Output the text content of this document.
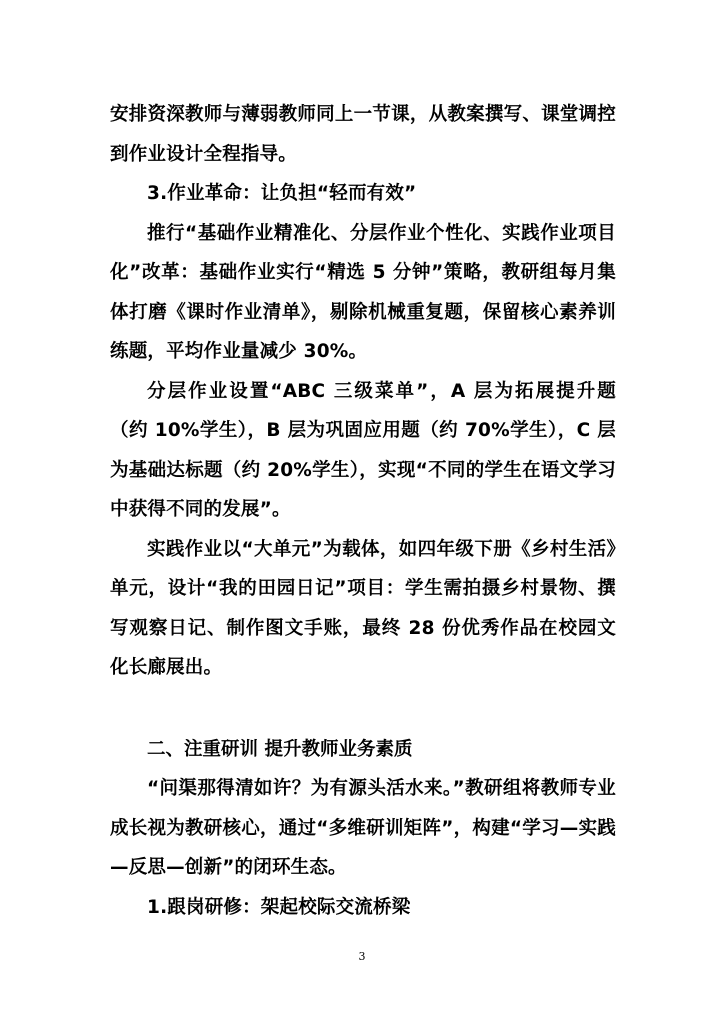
安排资深教师与薄弱教师同上一节课，从教案撰写、课堂调控到作业设计全程指导。

3.作业革命：让负担“轻而有效”

推行“基础作业精准化、分层作业个性化、实践作业项目化”改革：基础作业实行“精选 5 分钟”策略，教研组每月集体打磨《课时作业清单》，剔除机械重复题，保留核心素养训练题，平均作业量减少 30%。

分层作业设置“ABC 三级菜单”，A 层为拓展提升题（约 10%学生），B 层为巩固应用题（约 70%学生），C 层为基础达标题（约 20%学生），实现“不同的学生在语文学习中获得不同的发展”。

实践作业以“大单元”为载体，如四年级下册《乡村生活》单元，设计“我的田园日记”项目：学生需拍摄乡村景物、撰写观察日记、制作图文手账，最终 28 份优秀作品在校园文化长廊展出。

二、注重研训 提升教师业务素质

“问渠那得清如许？为有源头活水来。”教研组将教师专业成长视为教研核心，通过“多维研训矩阵”，构建“学习—实践—反思—创新”的闭环生态。

1.跟岗研修：架起校际交流桥梁

3
